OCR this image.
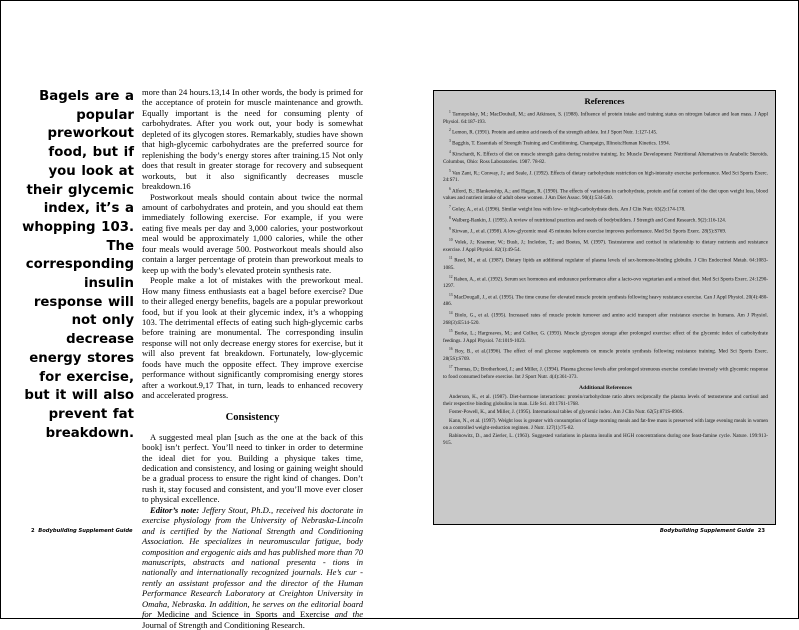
Bagels are a popular preworkout food, but if you look at their glycemic index, it’s a whopping 103. The corresponding insulin response will not only decrease energy stores for exercise, but it will also prevent fat breakdown.

more than 24 hours.13,14 In other words, the body is primed for the acceptance of protein for muscle maintenance and growth. Equally important is the need for consuming plenty of carbohydrates. After you work out, your body is somewhat depleted of its glycogen stores. Remarkably, studies have shown that high-glycemic carbohydrates are the preferred source for replenishing the body’s energy stores after training.15 Not only does that result in greater storage for recovery and subsequent workouts, but it also significantly decreases muscle breakdown.16

Postworkout meals should contain about twice the normal amount of carbohydrates and protein, and you should eat them immediately following exercise. For example, if you were eating five meals per day and 3,000 calories, your postworkout meal would be approximately 1,000 calories, while the other four meals would average 500. Postworkout meals should also contain a larger percentage of protein than preworkout meals to keep up with the body’s elevated protein synthesis rate.

People make a lot of mistakes with the preworkout meal. How many fitness enthusiasts eat a bagel before exercise? Due to their alleged energy benefits, bagels are a popular preworkout food, but if you look at their glycemic index, it’s a whopping 103. The detrimental effects of eating such high-glycemic carbs before training are monumental. The corresponding insulin response will not only decrease energy stores for exercise, but it will also prevent fat breakdown. Fortunately, low-glycemic foods have much the opposite effect. They improve exercise performance without significantly compromising energy stores after a workout.9,17 That, in turn, leads to enhanced recovery and accelerated progress.

Consistency

A suggested meal plan [such as the one at the back of this book] isn’t perfect. You’ll need to tinker in order to determine the ideal diet for you. Building a physique takes time, dedication and consistency, and losing or gaining weight should be a gradual process to ensure the right kind of changes. Don’t rush it, stay focused and consistent, and you’ll move ever closer to physical excellence.

Editor’s note: Jeffery Stout, Ph.D., received his doctorate in exercise physiology from the University of Nebraska-Lincoln and is certified by the National Strength and Conditioning Association. He specializes in neuromuscular fatigue, body composition and ergogenic aids and has published more than 70 manuscripts, abstracts and national presenta - tions in nationally and internationally recognized journals. He’s cur - rently an assistant professor and the director of the Human Performance Research Laboratory at Creighton University in Omaha, Nebraska. In addition, he serves on the editorial board for Medicine and Science in Sports and Exercise and the Journal of Strength and Conditioning Research.

2 Bodybuilding Supplement Guide	Bodybuilding Supplement Guide 23
References
$^1$ Tarnopolsky, M.; MacDouball, M.; and Atkinson, S. (1988). Influence of protein intake and training status on nitrogen balance and lean mass. J Appl Physiol. 64:187-193.
$^2$ Lemon, R. (1991). Protein and amino acid needs of the strength athlete. Int J Sport Nutr. 1:127-145.
$^3$ Bagghis, T. Essentials of Strength Training and Conditioning. Champaign, Illinois:Human Kinetics. 1994.
$^4$ Kirschardt, K. Effects of diet on muscle strength gains during resistive training. In: Muscle Development: Nutritional Alternatives to Anabolic Steroids. Columbus, Ohio: Ross Laboratories. 1987. 78-82.
$^5$ Van Zant, R.; Conway, J.; and Seale, J. (1992). Effects of dietary carbohydrate restriction on high-intensity exercise performance. Med Sci Sports Exerc. 24:S71.
$^6$ Alford, B.; Blankenship, A.; and Hagan, R. (1990). The effects of variations in carbohydrate, protein and fat content of the diet upon weight loss, blood values and nutrient intake of adult obese women. J Am Diet Assoc. 90(4):534-540.
$^7$ Golay, A., et al. (1996). Similar weight loss with low- or high-carbohydrate diets. Am J Clin Nutr. 63(2):174-178.
$^8$ Walberg-Rankin, J. (1995). A review of nutritional practices and needs of bodybuilders. J Strength and Cond Research. 9(2):116-124.
$^9$ Kirwan, J., et al. (1998). A low-glycemic meal 45 minutes before exercise improves performance. Med Sci Sports Exerc. 28(5):S769.
$^{10}$ Volek, J.; Kraemer, W.; Bush, J.; Incledon, T.; and Boetes, M. (1997). Testosterone and cortisol in relationship to dietary nutrients and resistance exercise. J Appl Physiol. 82(1):49-54.
$^{11}$ Reed, M., et al. (1987). Dietary lipids an additional regulator of plasma levels of sex-hormone-binding globulin. J Clin Endocrinol Metab. 64:1083-1085.
$^{12}$ Raben, A., et al. (1992). Serum sex hormones and endurance performance after a lacto-ovo vegetarian and a mixed diet. Med Sci Sports Exerc. 24:1290-1297.
$^{13}$ MacDougall, J., et al. (1995). The time course for elevated muscle protein synthesis following heavy resistance exercise. Can J Appl Physiol. 20(4):480-486.
$^{14}$ Biolo, G., et al. (1995). Increased rates of muscle protein turnover and amino acid transport after resistance exercise in humans. Am J Physiol. 268(3):E514-520.
$^{15}$ Burke, L.; Hargreaves, M.; and Collier, G. (1993). Muscle glycogen storage after prolonged exercise: effect of the glycemic index of carbohydrate feedings. J Appl Physiol. 74:1019-1023.
$^{16}$ Roy, B., et al.(1996). The effect of oral glucose supplements on muscle protein synthesis following resistance training. Med Sci Sports Exerc. 28(5S):S769.
$^{17}$ Thomas, D.; Brotherhood, J.; and Miller, J. (1994). Plasma glucose levels after prolonged strenuous exercise correlate inversely with glycemic response to food consumed before exercise. Int J Sport Nutr. 4(4):361-373.
Additional References
Anderson, K., et al. (1987). Diet-hormone interactions: protein/carbohydrate ratio alters reciprocally the plasma levels of testosterone and cortisol and their respective binding globulins in man. Life Sci. 40:1761-1768.
Foster-Powell, K., and Miller, J. (1995). International tables of glycemic index. Am J Clin Nutr. 62(5):871S-890S.
Kann, N., et al. (1997). Weight loss is greater with consumption of large morning meals and fat-free mass is preserved with large evening meals in women on a controlled weight-reduction regimen. J Nutr. 127(1):75-82.
Rabinowitz, D., and Zierler, L. (1963). Suggested variations in plasma insulin and HGH concentrations during one feast-famine cycle. Nature. 199:913-915.
